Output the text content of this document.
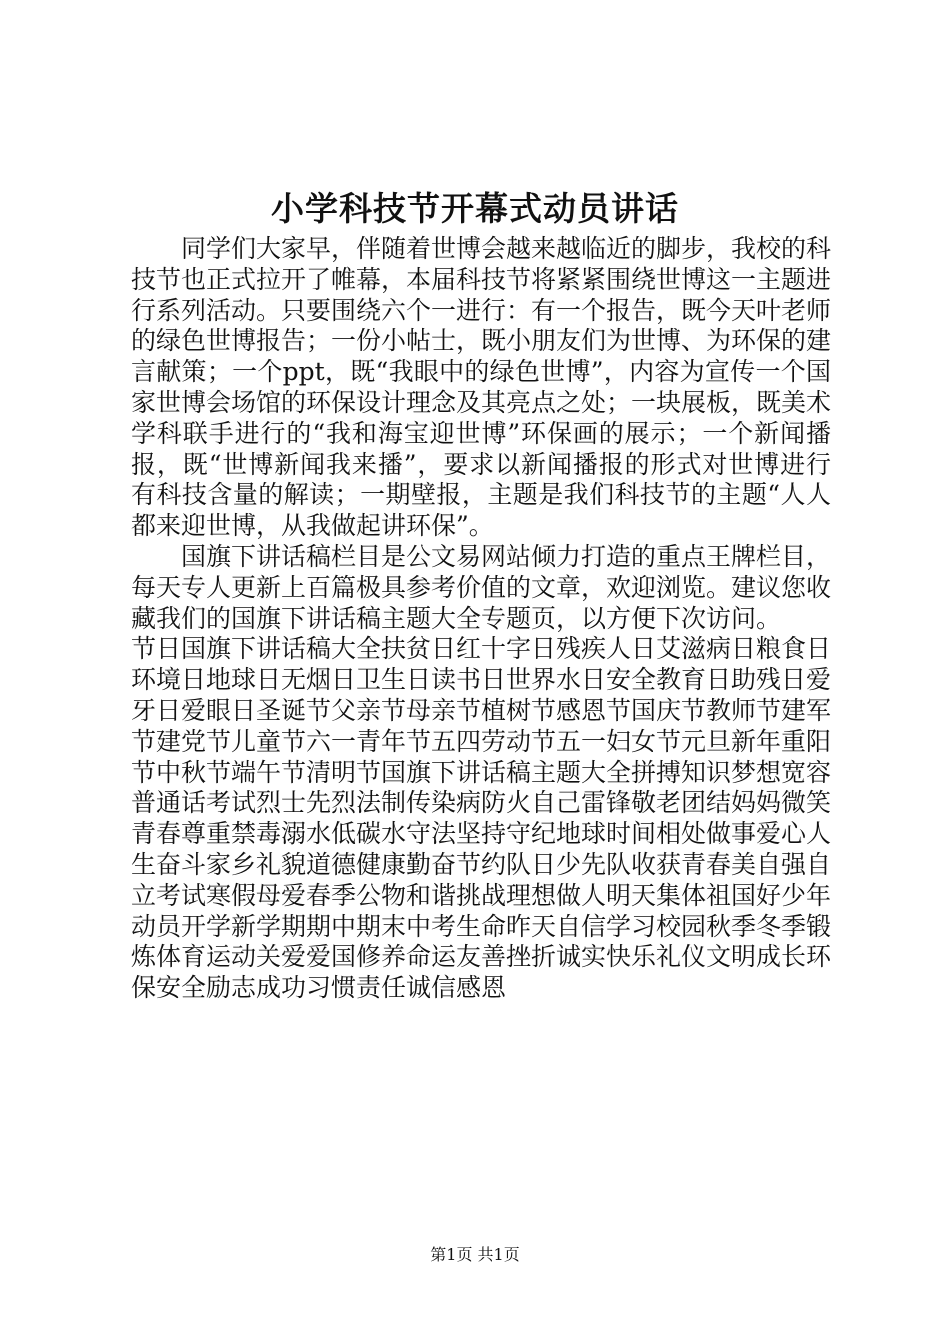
小学科技节开幕式动员讲话

同学们大家早，伴随着世博会越来越临近的脚步，我校的科技节也正式拉开了帷幕，本届科技节将紧紧围绕世博这一主题进行系列活动。只要围绕六个一进行：有一个报告，既今天叶老师的绿色世博报告；一份小帖士，既小朋友们为世博、为环保的建言献策；一个ppt，既“我眼中的绿色世博”，内容为宣传一个国家世博会场馆的环保设计理念及其亮点之处；一块展板，既美术学科联手进行的“我和海宝迎世博”环保画的展示；一个新闻播报，既“世博新闻我来播”，要求以新闻播报的形式对世博进行有科技含量的解读；一期壁报，主题是我们科技节的主题“人人都来迎世博，从我做起讲环保”。

国旗下讲话稿栏目是公文易网站倾力打造的重点王牌栏目，每天专人更新上百篇极具参考价值的文章，欢迎浏览。建议您收藏我们的国旗下讲话稿主题大全专题页，以方便下次访问。

节日国旗下讲话稿大全扶贫日红十字日残疾人日艾滋病日粮食日环境日地球日无烟日卫生日读书日世界水日安全教育日助残日爱牙日爱眼日圣诞节父亲节母亲节植树节感恩节国庆节教师节建军节建党节儿童节六一青年节五四劳动节五一妇女节元旦新年重阳节中秋节端午节清明节国旗下讲话稿主题大全拼搏知识梦想宽容普通话考试烈士先烈法制传染病防火自己雷锋敬老团结妈妈微笑青春尊重禁毒溺水低碳水守法坚持守纪地球时间相处做事爱心人生奋斗家乡礼貌道德健康勤奋节约队日少先队收获青春美自强自立考试寒假母爱春季公物和谐挑战理想做人明天集体祖国好少年动员开学新学期期中期末中考生命昨天自信学习校园秋季冬季锻炼体育运动关爱爱国修养命运友善挫折诚实快乐礼仪文明成长环保安全励志成功习惯责任诚信感恩

第1页 共1页
